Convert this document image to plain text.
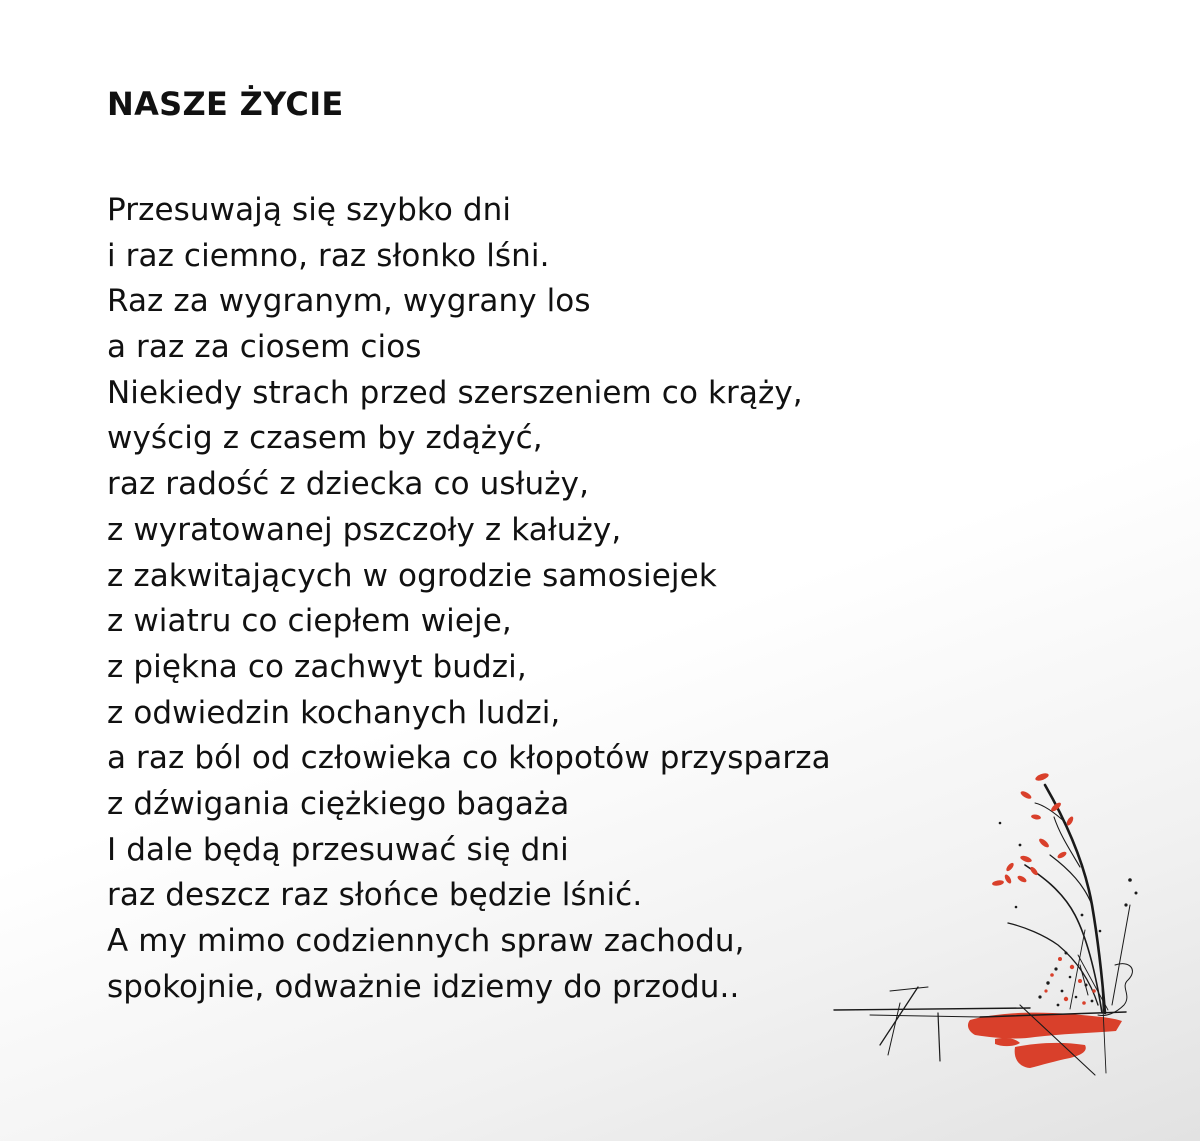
NASZE ŻYCIE
Przesuwają się szybko dni
i raz ciemno, raz słonko lśni.
Raz za wygranym, wygrany los
a raz za ciosem cios
Niekiedy strach przed szerszeniem co krąży,
wyścig z czasem by zdążyć,
raz radość z dziecka co usłuży,
z wyratowanej pszczoły z kałuży,
z zakwitających w ogrodzie samosiejek
z wiatru co ciepłem wieje,
z piękna co zachwyt budzi,
z odwiedzin kochanych ludzi,
a raz ból od człowieka co kłopotów przysparza
z dźwigania ciężkiego bagaża
I dale będą przesuwać się dni
raz deszcz raz słońce będzie lśnić.
A my mimo codziennych spraw zachodu,
spokojnie, odważnie idziemy do przodu..
